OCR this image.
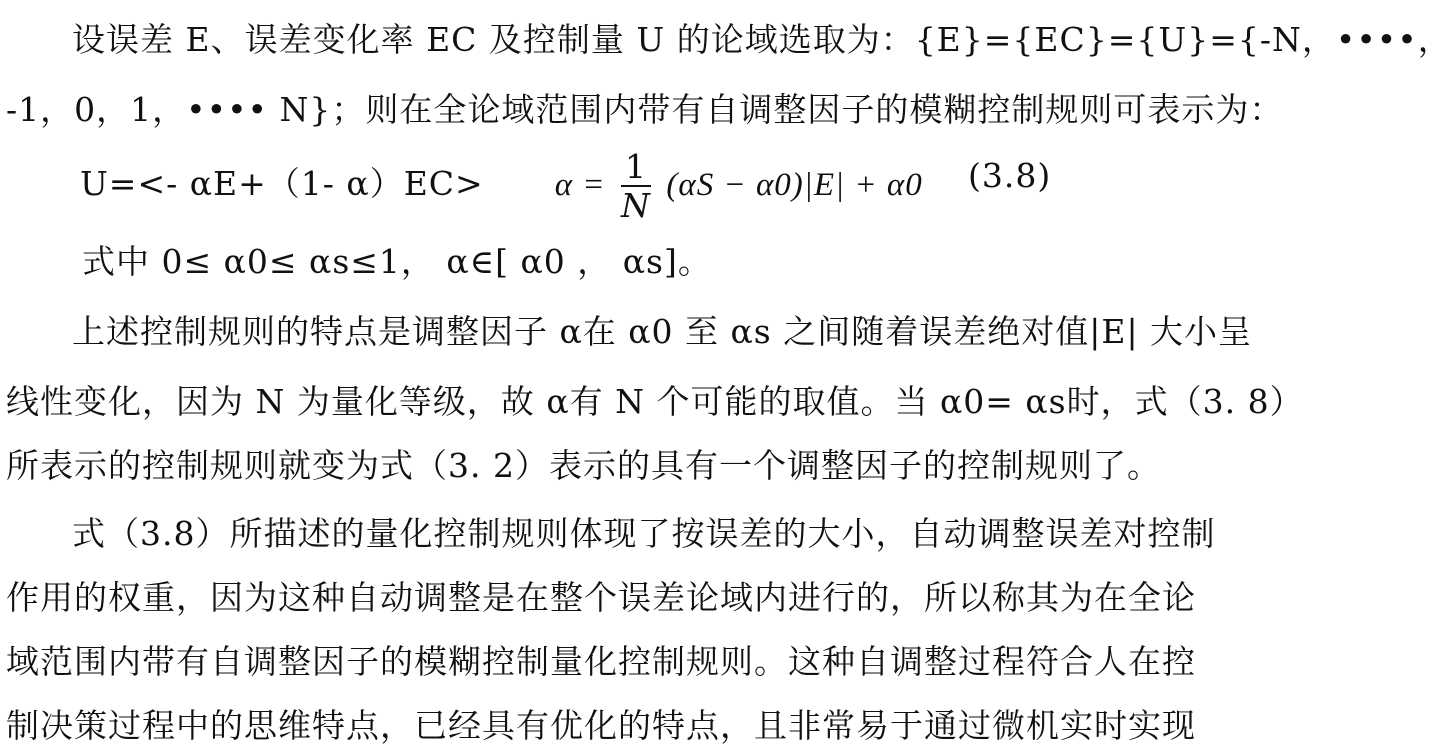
设误差 E、误差变化率 EC 及控制量 U 的论域选取为：{E}={EC}={U}={-N，••••，
-1，0，1，•••• N}；则在全论域范围内带有自调整因子的模糊控制规则可表示为：
U=<- αE+（1- $\alpha)EC> \alpha = \frac{1}{N} (\alpha S - \alpha 0)|E| + \alpha 0$ (3.8)
式中 0≤ α0≤ αs≤1， α∈[ α0 ， αs]。
上述控制规则的特点是调整因子 α在 α0 至 αs 之间随着误差绝对值|E| 大小呈
线性变化，因为 N 为量化等级，故 α有 N 个可能的取值。当 α0= αs时，式（3. 8）
所表示的控制规则就变为式（3. 2）表示的具有一个调整因子的控制规则了。
式（3.8）所描述的量化控制规则体现了按误差的大小，自动调整误差对控制
作用的权重，因为这种自动调整是在整个误差论域内进行的，所以称其为在全论
域范围内带有自调整因子的模糊控制量化控制规则。这种自调整过程符合人在控
制决策过程中的思维特点，已经具有优化的特点，且非常易于通过微机实时实现
